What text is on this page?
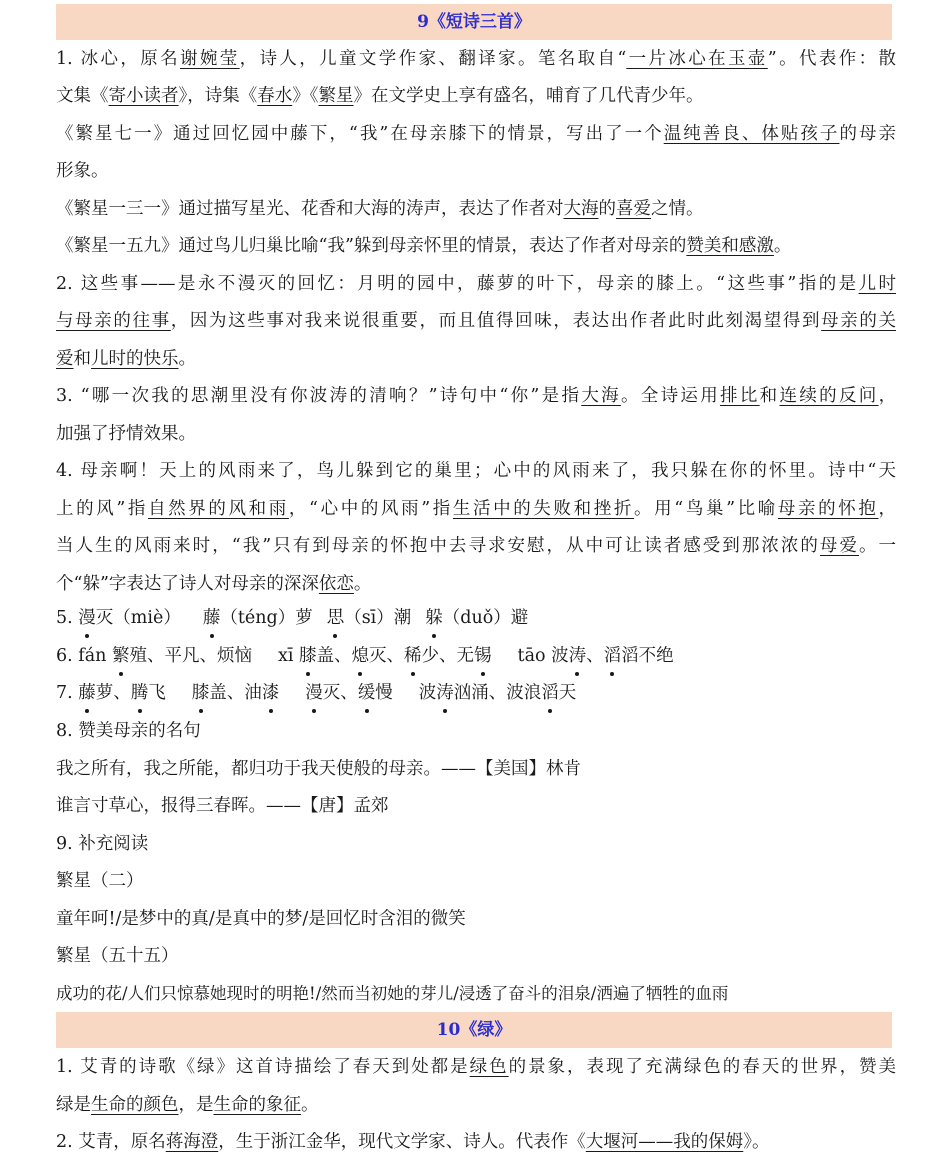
9《短诗三首》
1. 冰心，原名谢婉莹，诗人，儿童文学作家、翻译家。笔名取自“一片冰心在玉壶”。代表作：散
文集《寄小读者》，诗集《春水》《繁星》在文学史上享有盛名，哺育了几代青少年。
《繁星七一》通过回忆园中藤下，“我”在母亲膝下的情景，写出了一个温纯善良、体贴孩子的母亲
形象。
《繁星一三一》通过描写星光、花香和大海的涛声，表达了作者对大海的喜爱之情。
《繁星一五九》通过鸟儿归巢比喻“我”躲到母亲怀里的情景，表达了作者对母亲的赞美和感激。
2. 这些事——是永不漫灭的回忆：月明的园中，藤萝的叶下，母亲的膝上。“这些事”指的是儿时
与母亲的往事，因为这些事对我来说很重要，而且值得回味，表达出作者此时此刻渴望得到母亲的关
爱和儿时的快乐。
3. “哪一次我的思潮里没有你波涛的清响？”诗句中“你”是指大海。全诗运用排比和连续的反问，
加强了抒情效果。
4. 母亲啊！天上的风雨来了，鸟儿躲到它的巢里；心中的风雨来了，我只躲在你的怀里。诗中“天
上的风”指自然界的风和雨，“心中的风雨”指生活中的失败和挫折。用“鸟巢”比喻母亲的怀抱，
当人生的风雨来时，“我”只有到母亲的怀抱中去寻求安慰，从中可让读者感受到那浓浓的母爱。一
个“躲”字表达了诗人对母亲的深深依恋。
5. 漫灭（miè） 藤（téng）萝 思（sī）潮 躲（duǒ）避
6. fán 繁殖、平凡、烦恼 xī 膝盖、熄灭、稀少、无锡 tāo 波涛、滔滔不绝
7. 藤萝、腾飞 膝盖、油漆 漫灭、缓慢 波涛汹涌、波浪滔天
8. 赞美母亲的名句
我之所有，我之所能，都归功于我天使般的母亲。——【美国】林肯
谁言寸草心，报得三春晖。——【唐】孟郊
9. 补充阅读
繁星（二）
童年呵!/是梦中的真/是真中的梦/是回忆时含泪的微笑
繁星（五十五）
成功的花/人们只惊慕她现时的明艳!/然而当初她的芽儿/浸透了奋斗的泪泉/洒遍了牺牲的血雨
10《绿》
1. 艾青的诗歌《绿》这首诗描绘了春天到处都是绿色的景象，表现了充满绿色的春天的世界，赞美
绿是生命的颜色，是生命的象征。
2. 艾青，原名蒋海澄，生于浙江金华，现代文学家、诗人。代表作《大堰河——我的保姆》。
